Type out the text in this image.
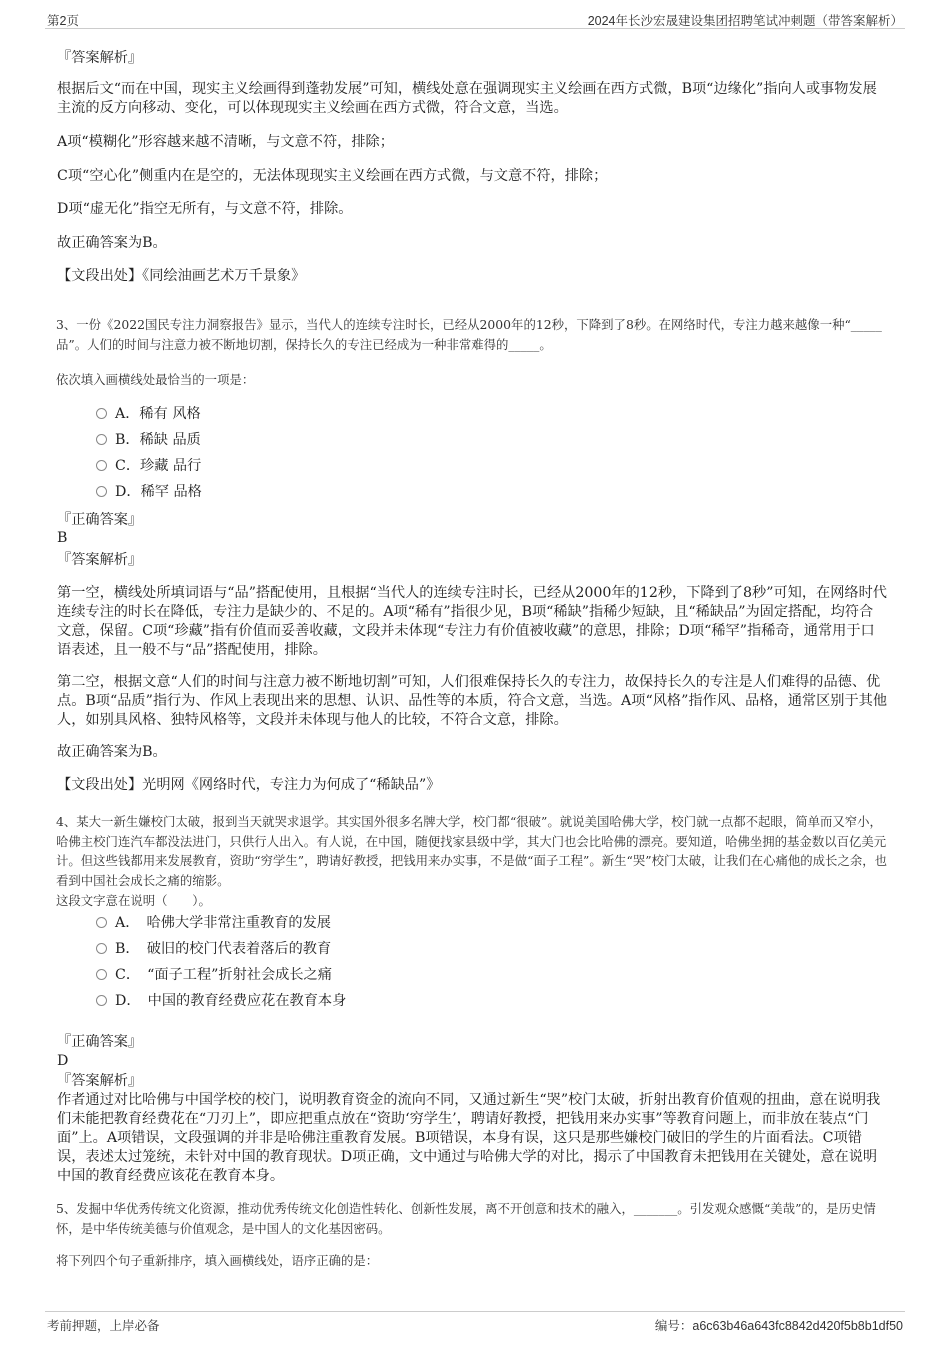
第2页	2024年长沙宏晟建设集团招聘笔试冲刺题（带答案解析）

『答案解析』

根据后文“而在中国，现实主义绘画得到蓬勃发展”可知，横线处意在强调现实主义绘画在西方式微，B项“边缘化”指向人或事物发展主流的反方向移动、变化，可以体现现实主义绘画在西方式微，符合文意，当选。

A项“模糊化”形容越来越不清晰，与文意不符，排除；

C项“空心化”侧重内在是空的，无法体现现实主义绘画在西方式微，与文意不符，排除；

D项“虚无化”指空无所有，与文意不符，排除。

故正确答案为B。

【文段出处】《同绘油画艺术万千景象》

3、一份《2022国民专注力洞察报告》显示，当代人的连续专注时长，已经从2000年的12秒，下降到了8秒。在网络时代，专注力越来越像一种“_____品”。人们的时间与注意力被不断地切割，保持长久的专注已经成为一种非常难得的_____。

依次填入画横线处最恰当的一项是：

A．稀有 风格
B．稀缺 品质
C．珍藏 品行
D．稀罕 品格

『正确答案』

B

『答案解析』

第一空，横线处所填词语与“品”搭配使用，且根据“当代人的连续专注时长，已经从2000年的12秒，下降到了8秒”可知，在网络时代连续专注的时长在降低，专注力是缺少的、不足的。A项“稀有”指很少见，B项“稀缺”指稀少短缺，且“稀缺品”为固定搭配，均符合文意，保留。C项“珍藏”指有价值而妥善收藏，文段并未体现“专注力有价值被收藏”的意思，排除；D项“稀罕”指稀奇，通常用于口语表述，且一般不与“品”搭配使用，排除。

第二空，根据文意“人们的时间与注意力被不断地切割”可知，人们很难保持长久的专注力，故保持长久的专注是人们难得的品德、优点。B项“品质”指行为、作风上表现出来的思想、认识、品性等的本质，符合文意，当选。A项“风格”指作风、品格，通常区别于其他人，如别具风格、独特风格等，文段并未体现与他人的比较，不符合文意，排除。

故正确答案为B。

【文段出处】光明网《网络时代，专注力为何成了“稀缺品”》

4、某大一新生嫌校门太破，报到当天就哭求退学。其实国外很多名牌大学，校门都“很破”。就说美国哈佛大学，校门就一点都不起眼，简单而又窄小，哈佛主校门连汽车都没法进门，只供行人出入。有人说，在中国，随便找家县级中学，其大门也会比哈佛的漂亮。要知道，哈佛坐拥的基金数以百亿美元计。但这些钱都用来发展教育，资助“穷学生”，聘请好教授，把钱用来办实事，不是做“面子工程”。新生“哭”校门太破，让我们在心痛他的成长之余，也看到中国社会成长之痛的缩影。

这段文字意在说明（　　）。

A．　哈佛大学非常注重教育的发展
B．　破旧的校门代表着落后的教育
C．　“面子工程”折射社会成长之痛
D．　中国的教育经费应花在教育本身

『正确答案』

D

『答案解析』

作者通过对比哈佛与中国学校的校门，说明教育资金的流向不同，又通过新生“哭”校门太破，折射出教育价值观的扭曲，意在说明我们未能把教育经费花在“刀刃上”，即应把重点放在“资助‘穷学生’，聘请好教授，把钱用来办实事”等教育问题上，而非放在装点“门面”上。A项错误，文段强调的并非是哈佛注重教育发展。B项错误，本身有误，这只是那些嫌校门破旧的学生的片面看法。C项错误，表述太过笼统，未针对中国的教育现状。D项正确，文中通过与哈佛大学的对比，揭示了中国教育未把钱用在关键处，意在说明中国的教育经费应该花在教育本身。

5、发掘中华优秀传统文化资源，推动优秀传统文化创造性转化、创新性发展，离不开创意和技术的融入，_______。引发观众感慨“美哉”的，是历史情怀，是中华传统美德与价值观念，是中国人的文化基因密码。

将下列四个句子重新排序，填入画横线处，语序正确的是：

考前押题，上岸必备	编号：a6c63b46a643fc8842d420f5b8b1df50
